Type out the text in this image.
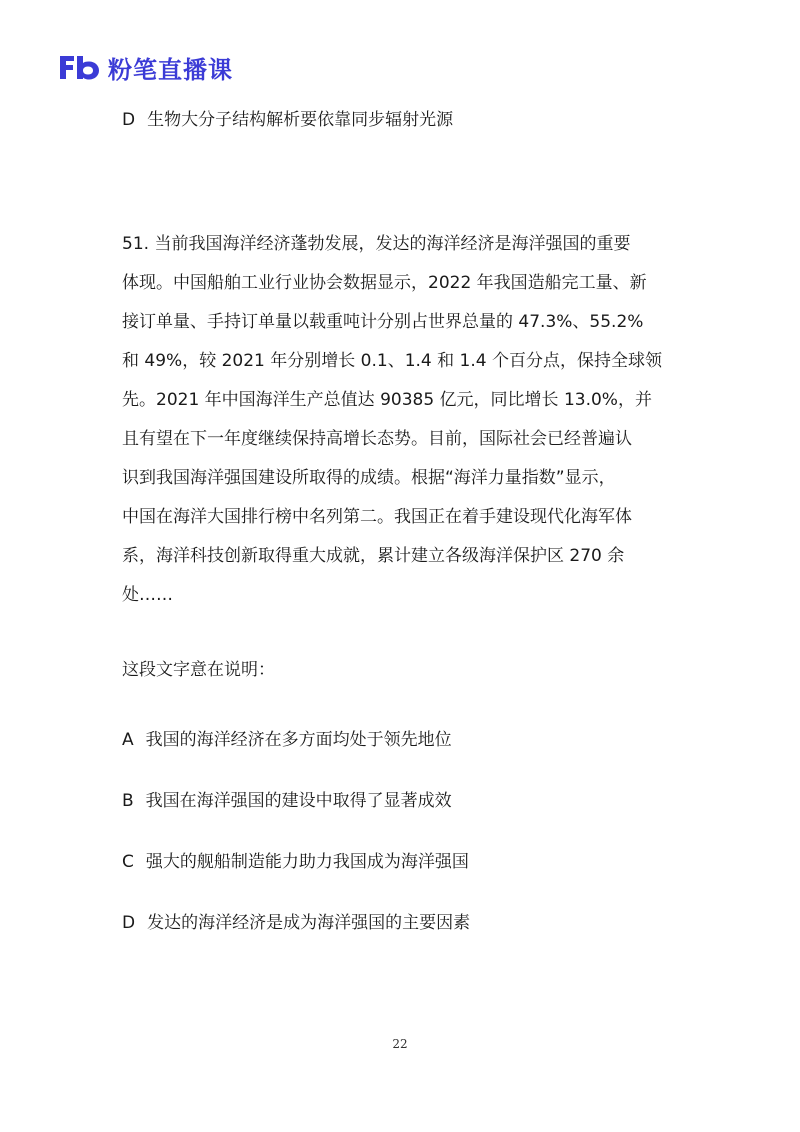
粉笔直播课
D 生物大分子结构解析要依靠同步辐射光源
51. 当前我国海洋经济蓬勃发展，发达的海洋经济是海洋强国的重要
体现。中国船舶工业行业协会数据显示，2022 年我国造船完工量、新
接订单量、手持订单量以载重吨计分别占世界总量的 47.3%、55.2%
和 49%，较 2021 年分别增长 0.1、1.4 和 1.4 个百分点，保持全球领
先。2021 年中国海洋生产总值达 90385 亿元，同比增长 13.0%，并
且有望在下一年度继续保持高增长态势。目前，国际社会已经普遍认
识到我国海洋强国建设所取得的成绩。根据“海洋力量指数”显示，
中国在海洋大国排行榜中名列第二。我国正在着手建设现代化海军体
系，海洋科技创新取得重大成就，累计建立各级海洋保护区 270 余
处……
这段文字意在说明：
A 我国的海洋经济在多方面均处于领先地位
B 我国在海洋强国的建设中取得了显著成效
C 强大的舰船制造能力助力我国成为海洋强国
D 发达的海洋经济是成为海洋强国的主要因素
22
